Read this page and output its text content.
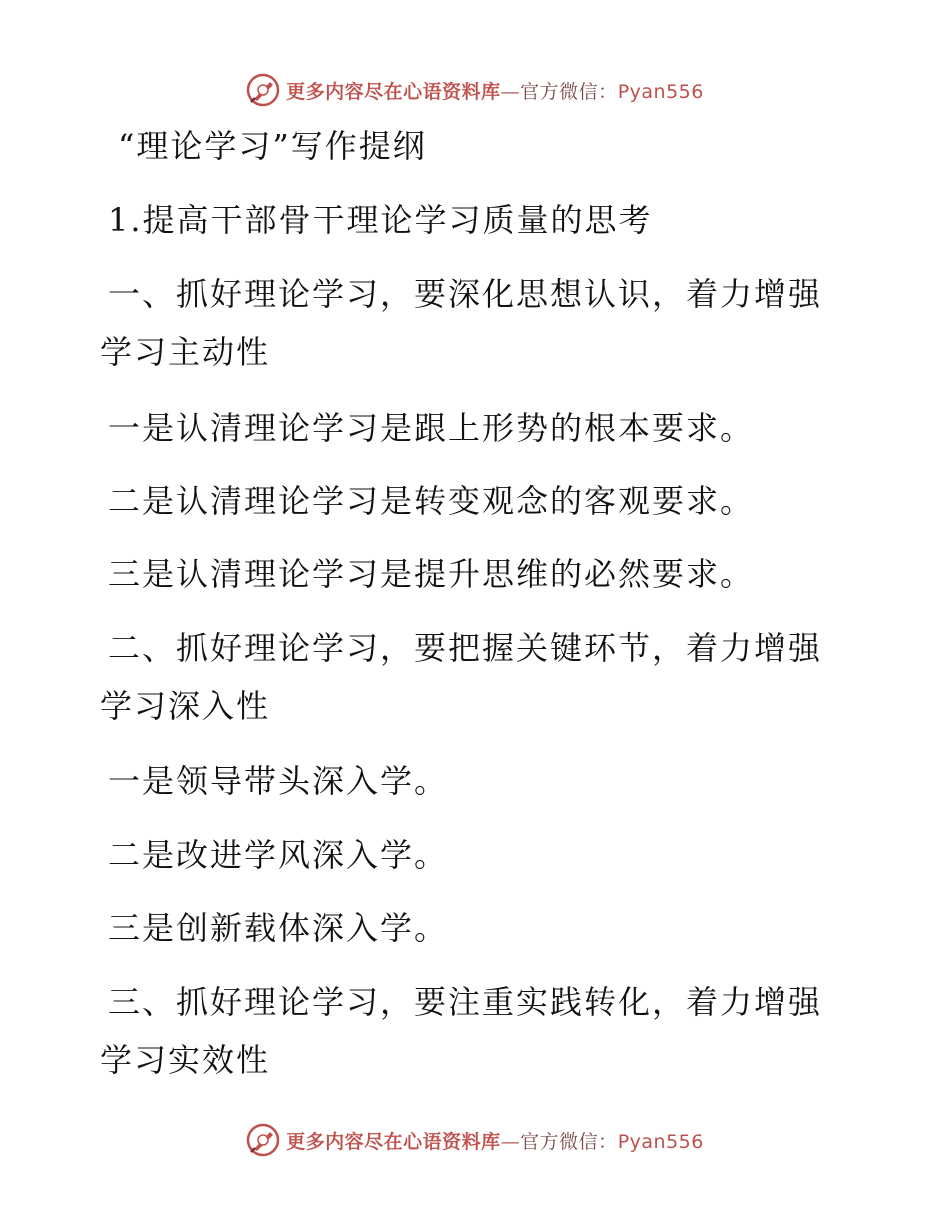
更多内容尽在心语资料库—官方微信：Pyan556
“理论学习”写作提纲
1.提高干部骨干理论学习质量的思考
一、抓好理论学习，要深化思想认识，着力增强
学习主动性
一是认清理论学习是跟上形势的根本要求。
二是认清理论学习是转变观念的客观要求。
三是认清理论学习是提升思维的必然要求。
二、抓好理论学习，要把握关键环节，着力增强
学习深入性
一是领导带头深入学。
二是改进学风深入学。
三是创新载体深入学。
三、抓好理论学习，要注重实践转化，着力增强
学习实效性
更多内容尽在心语资料库—官方微信：Pyan556
